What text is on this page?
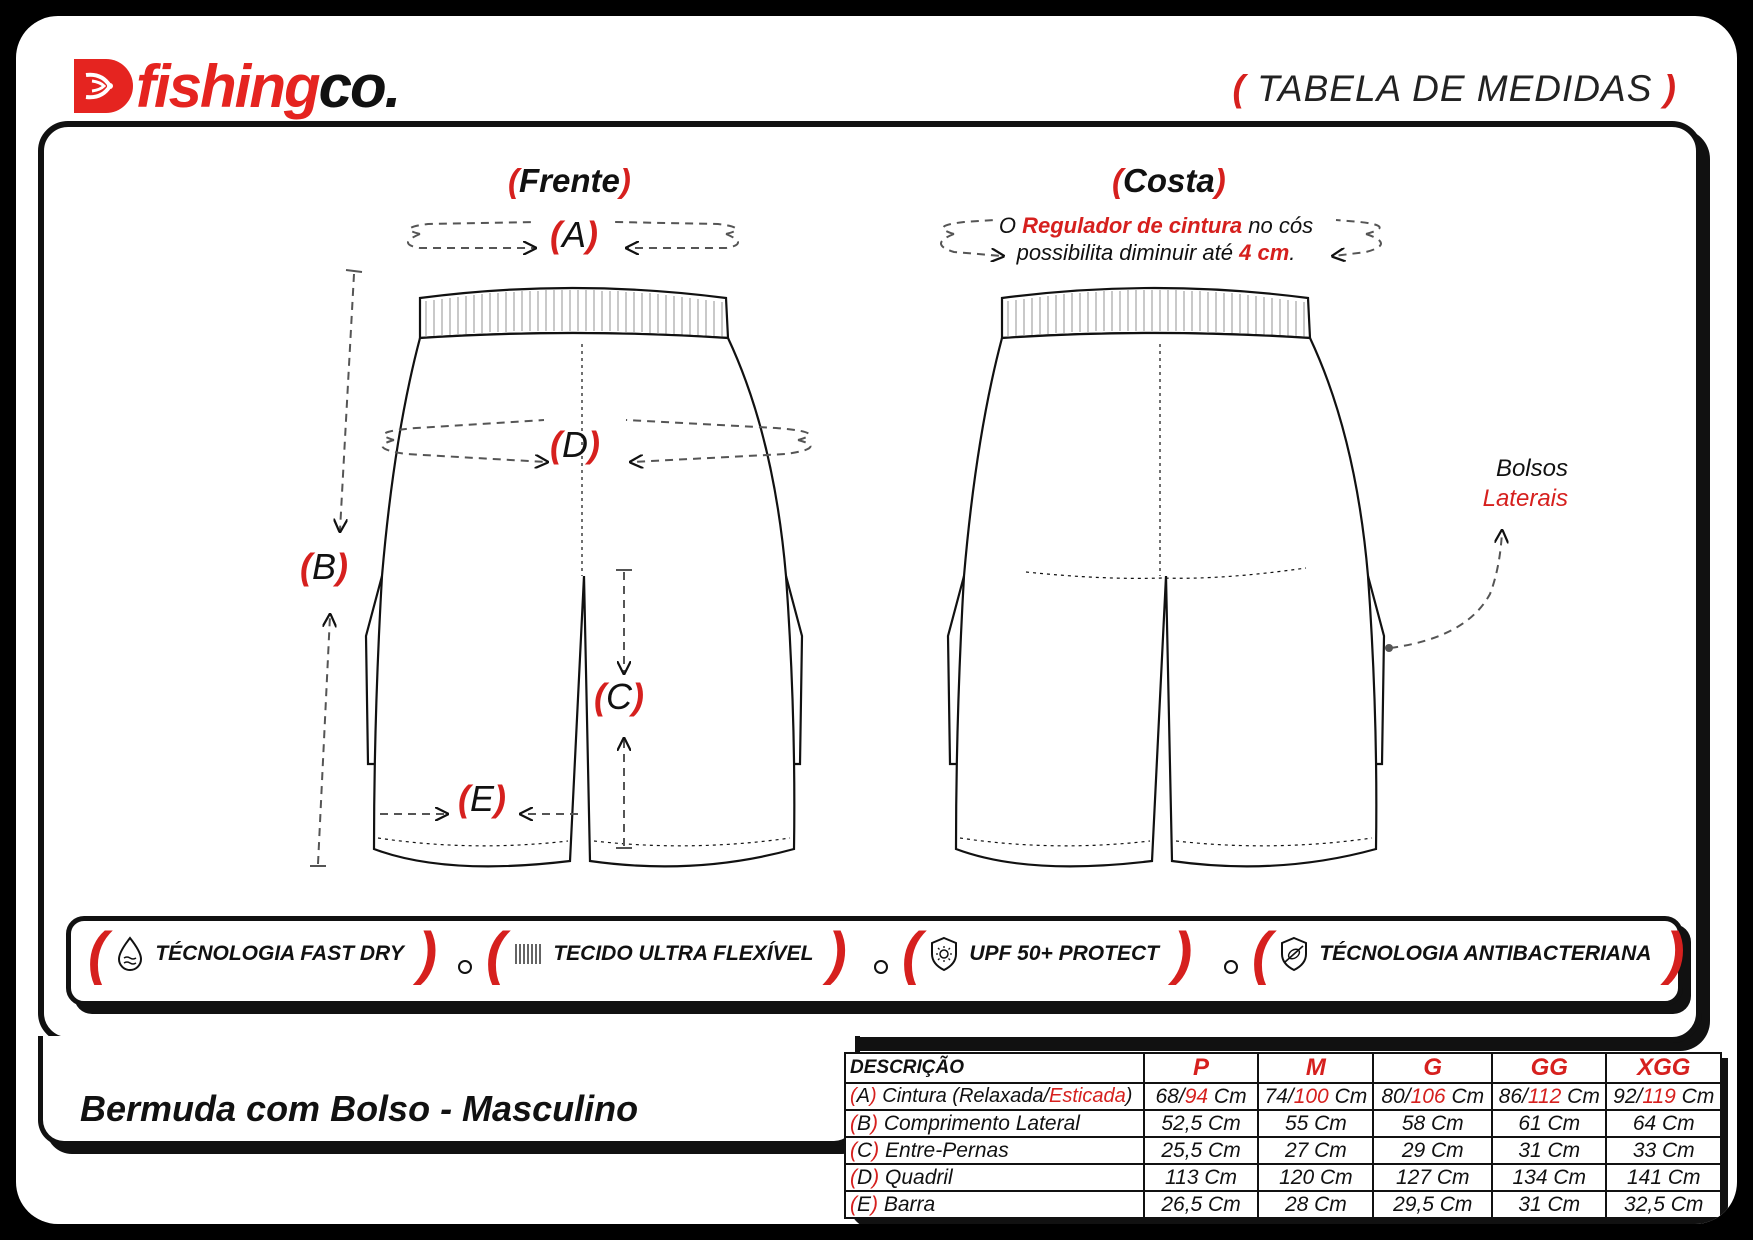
fishingco.	( TABELA DE MEDIDAS )
(Frente)	(Costa)
(A)
(B)
(C)
(D)
(E)
O Regulador de cintura no cós
possibilita diminuir até 4 cm.
Bolsos
Laterais
( TÉCNOLOGIA FAST DRY ) ( TECIDO ULTRA FLEXÍVEL ) ( UPF 50+ PROTECT ) ( TÉCNOLOGIA ANTIBACTERIANA )
Bermuda com Bolso - Masculino
DESCRIÇÃO	P	M	G	GG	XGG
(A) Cintura (Relaxada/Esticada)	68/94 Cm	74/100 Cm	80/106 Cm	86/112 Cm	92/119 Cm
(B) Comprimento Lateral	52,5 Cm	55 Cm	58 Cm	61 Cm	64 Cm
(C) Entre-Pernas	25,5 Cm	27 Cm	29 Cm	31 Cm	33 Cm
(D) Quadril	113 Cm	120 Cm	127 Cm	134 Cm	141 Cm
(E) Barra	26,5 Cm	28 Cm	29,5 Cm	31 Cm	32,5 Cm
